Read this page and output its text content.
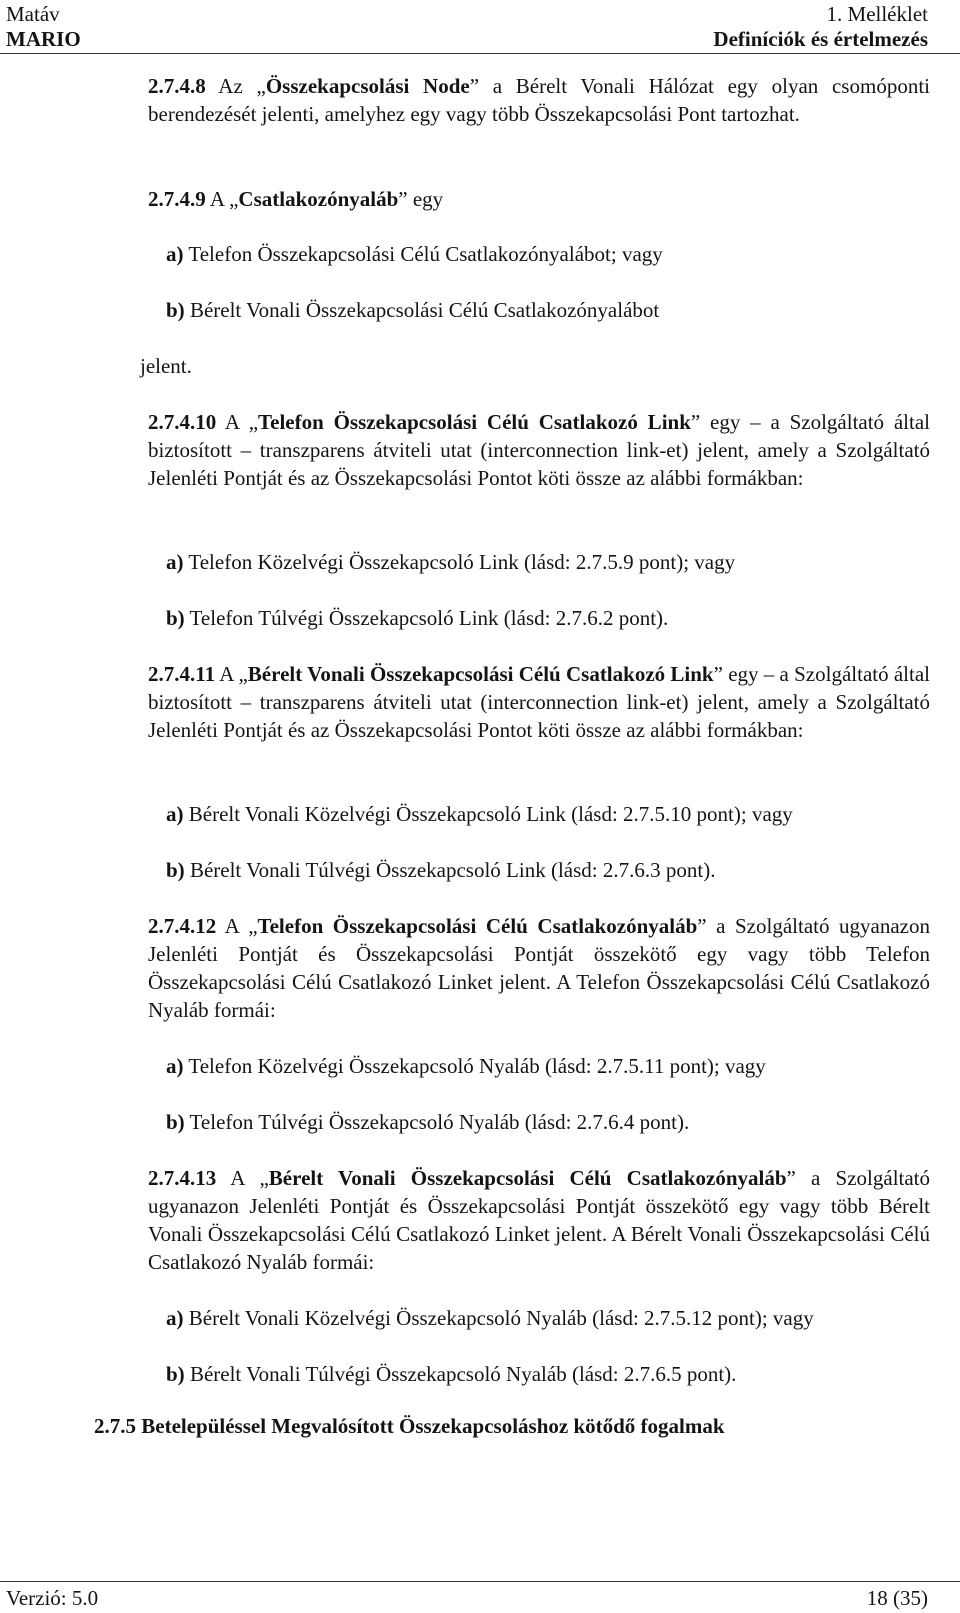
Matáv

MARIO

1. Melléklet

Definíciók és értelmezés

2.7.4.8 Az „Összekapcsolási Node” a Bérelt Vonali Hálózat egy olyan csomóponti berendezését jelenti, amelyhez egy vagy több Összekapcsolási Pont tartozhat.

2.7.4.9 A „Csatlakozónyaláb” egy

a) Telefon Összekapcsolási Célú Csatlakozónyalábot; vagy

b) Bérelt Vonali Összekapcsolási Célú Csatlakozónyalábot

jelent.

2.7.4.10 A „Telefon Összekapcsolási Célú Csatlakozó Link” egy – a Szolgáltató által biztosított – transzparens átviteli utat (interconnection link-et) jelent, amely a Szolgáltató Jelenléti Pontját és az Összekapcsolási Pontot köti össze az alábbi formákban:

a) Telefon Közelvégi Összekapcsoló Link (lásd: 2.7.5.9 pont); vagy

b) Telefon Túlvégi Összekapcsoló Link (lásd: 2.7.6.2 pont).

2.7.4.11 A „Bérelt Vonali Összekapcsolási Célú Csatlakozó Link” egy – a Szolgáltató által biztosított – transzparens átviteli utat (interconnection link-et) jelent, amely a Szolgáltató Jelenléti Pontját és az Összekapcsolási Pontot köti össze az alábbi formákban:

a) Bérelt Vonali Közelvégi Összekapcsoló Link (lásd: 2.7.5.10 pont); vagy

b) Bérelt Vonali Túlvégi Összekapcsoló Link (lásd: 2.7.6.3 pont).

2.7.4.12 A „Telefon Összekapcsolási Célú Csatlakozónyaláb” a Szolgáltató ugyanazon Jelenléti Pontját és Összekapcsolási Pontját összekötő egy vagy több Telefon Összekapcsolási Célú Csatlakozó Linket jelent. A Telefon Összekapcsolási Célú Csatlakozó Nyaláb formái:

a) Telefon Közelvégi Összekapcsoló Nyaláb (lásd: 2.7.5.11 pont); vagy

b) Telefon Túlvégi Összekapcsoló Nyaláb (lásd: 2.7.6.4 pont).

2.7.4.13 A „Bérelt Vonali Összekapcsolási Célú Csatlakozónyaláb” a Szolgáltató ugyanazon Jelenléti Pontját és Összekapcsolási Pontját összekötő egy vagy több Bérelt Vonali Összekapcsolási Célú Csatlakozó Linket jelent. A Bérelt Vonali Összekapcsolási Célú Csatlakozó Nyaláb formái:

a) Bérelt Vonali Közelvégi Összekapcsoló Nyaláb (lásd: 2.7.5.12 pont); vagy

b) Bérelt Vonali Túlvégi Összekapcsoló Nyaláb (lásd: 2.7.6.5 pont).

2.7.5 Betelepüléssel Megvalósított Összekapcsoláshoz kötődő fogalmak

Verzió: 5.0	18 (35)
